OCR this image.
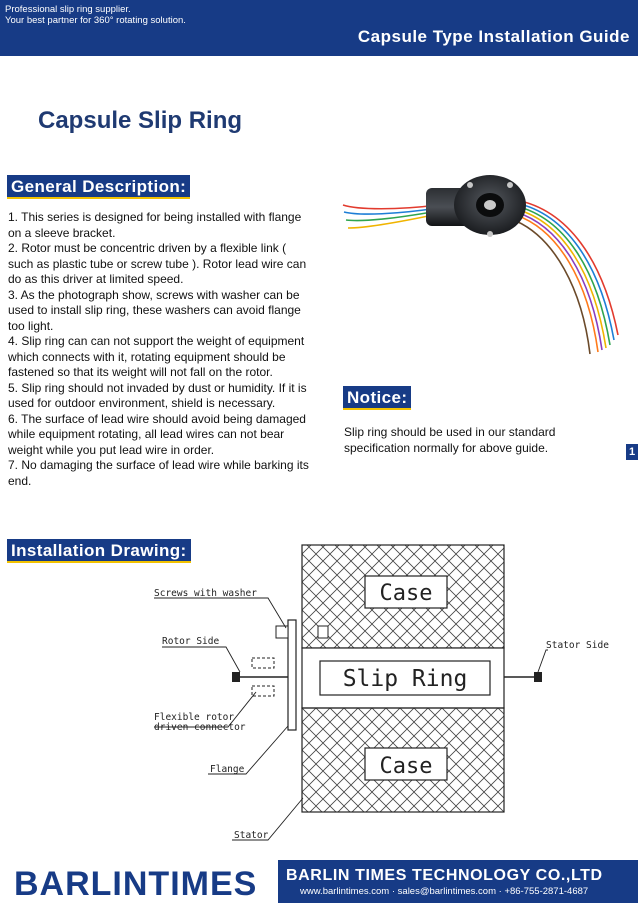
Professional slip ring supplier.
Your best partner for 360° rotating solution.
Capsule Type Installation Guide
Capsule Slip Ring
General Description:
1. This series is designed for being installed with flange on a sleeve bracket.
2. Rotor must be concentric driven by a flexible link ( such as plastic tube or screw tube ). Rotor lead wire can do as this driver at limited speed.
3. As the photograph show, screws with washer can be used to install slip ring, these washers can avoid flange too light.
4. Slip ring can can not support the weight of equipment which connects with it, rotating equipment should be fastened so that its weight will not fall on the rotor.
5. Slip ring should not invaded by dust or humidity. If it is used for outdoor environment, shield is necessary.
6. The surface of lead wire should avoid being damaged while equipment rotating, all lead wires can not bear weight while you put lead wire in order.
7. No damaging the surface of lead wire while barking its end.
Notice:
Slip ring should be used in our standard specification normally for above guide.	1
Installation Drawing:
Case
Slip Ring
Case
Screws with washer
Rotor Side
Flexible rotor
driven connector
Flange
Stator
Stator Side
BARLINTIMES BARLIN TIMES TECHNOLOGY CO.,LTD
www.barlintimes.com · sales@barlintimes.com · +86-755-2871-4687
